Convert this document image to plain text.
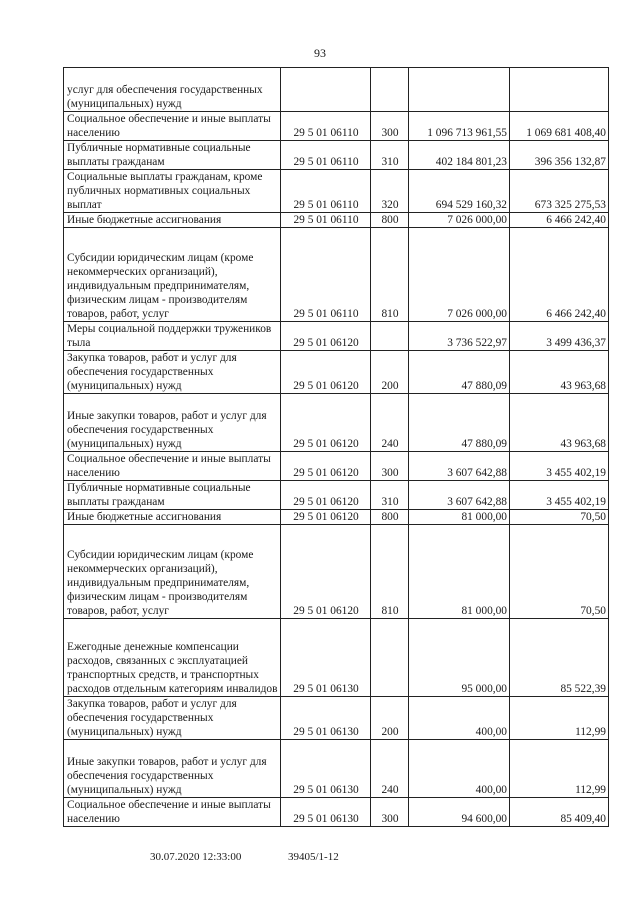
93
услуг для обеспечения государственных (муниципальных) нужд				
Социальное обеспечение и иные выплаты населению	29 5 01 06110	300	1 096 713 961,55	1 069 681 408,40
Публичные нормативные социальные выплаты гражданам	29 5 01 06110	310	402 184 801,23	396 356 132,87
Социальные выплаты гражданам, кроме публичных нормативных социальных выплат	29 5 01 06110	320	694 529 160,32	673 325 275,53
Иные бюджетные ассигнования	29 5 01 06110	800	7 026 000,00	6 466 242,40
Субсидии юридическим лицам (кроме некоммерческих организаций), индивидуальным предпринимателям, физическим лицам - производителям товаров, работ, услуг	29 5 01 06110	810	7 026 000,00	6 466 242,40
Меры социальной поддержки тружеников тыла	29 5 01 06120		3 736 522,97	3 499 436,37
Закупка товаров, работ и услуг для обеспечения государственных (муниципальных) нужд	29 5 01 06120	200	47 880,09	43 963,68
Иные закупки товаров, работ и услуг для обеспечения государственных (муниципальных) нужд	29 5 01 06120	240	47 880,09	43 963,68
Социальное обеспечение и иные выплаты населению	29 5 01 06120	300	3 607 642,88	3 455 402,19
Публичные нормативные социальные выплаты гражданам	29 5 01 06120	310	3 607 642,88	3 455 402,19
Иные бюджетные ассигнования	29 5 01 06120	800	81 000,00	70,50
Субсидии юридическим лицам (кроме некоммерческих организаций), индивидуальным предпринимателям, физическим лицам - производителям товаров, работ, услуг	29 5 01 06120	810	81 000,00	70,50
Ежегодные денежные компенсации расходов, связанных с эксплуатацией транспортных средств, и транспортных расходов отдельным категориям инвалидов	29 5 01 06130		95 000,00	85 522,39
Закупка товаров, работ и услуг для обеспечения государственных (муниципальных) нужд	29 5 01 06130	200	400,00	112,99
Иные закупки товаров, работ и услуг для обеспечения государственных (муниципальных) нужд	29 5 01 06130	240	400,00	112,99
Социальное обеспечение и иные выплаты населению	29 5 01 06130	300	94 600,00	85 409,40
30.07.2020 12:33:00	39405/1-12
